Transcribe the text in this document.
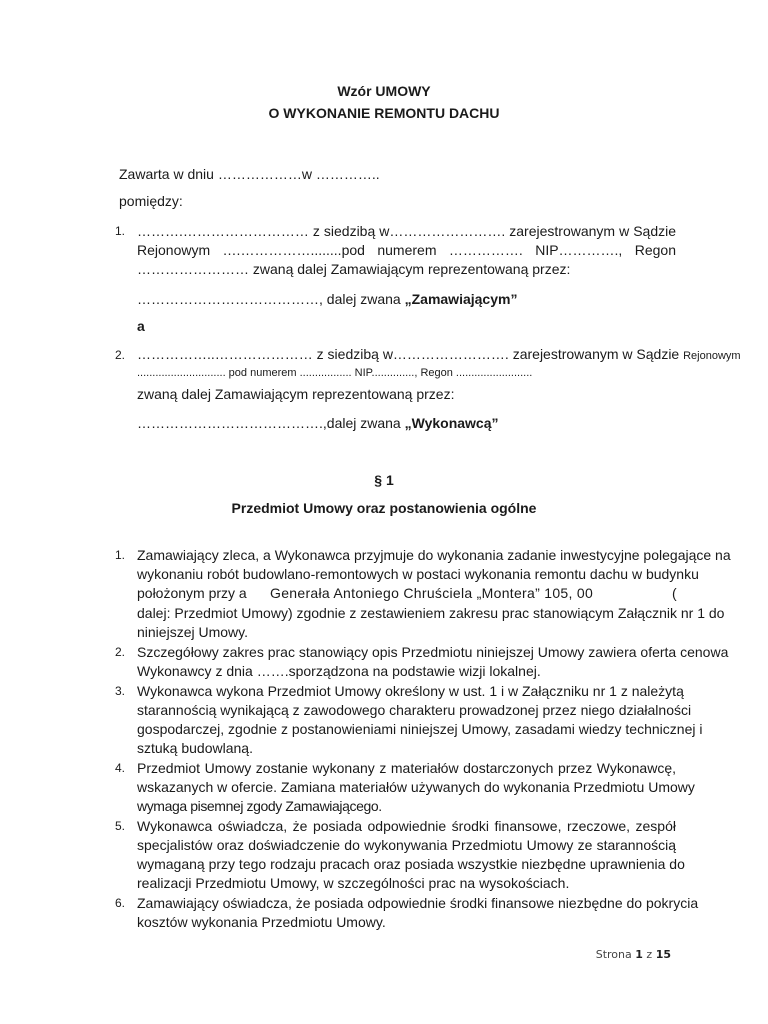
Wzór UMOWY
O WYKONANIE REMONTU DACHU
Zawarta w dniu ………………w …………..
pomiędzy:
1. ……….……………………… z siedzibą w……………………. zarejestrowanym w Sądzie
Rejonowym ….……………........pod numerem ……………. NIP…………., Regon
…………………… zwaną dalej Zamawiającym reprezentowaną przez:
…………………………………, dalej zwana „Zamawiającym”
a
2. ……………..………………… z siedzibą w……………………. zarejestrowanym w Sądzie Rejonowym
............................. pod numerem ................. NIP.............., Regon .........................
zwaną dalej Zamawiającym reprezentowaną przez:
………………………………….,dalej zwana „Wykonawcą”
§ 1
Przedmiot Umowy oraz postanowienia ogólne
1. Zamawiający zleca, a Wykonawca przyjmuje do wykonania zadanie inwestycyjne polegające na
wykonaniu robót budowlano-remontowych w postaci wykonania remontu dachu w budynku
położonym przy a Generała Antoniego Chruściela „Montera” 105, 00	(
dalej: Przedmiot Umowy) zgodnie z zestawieniem zakresu prac stanowiącym Załącznik nr 1 do
niniejszej Umowy.
2. Szczegółowy zakres prac stanowiący opis Przedmiotu niniejszej Umowy zawiera oferta cenowa
Wykonawcy z dnia …….sporządzona na podstawie wizji lokalnej.
3. Wykonawca wykona Przedmiot Umowy określony w ust. 1 i w Załączniku nr 1 z należytą
starannością wynikającą z zawodowego charakteru prowadzonej przez niego działalności
gospodarczej, zgodnie z postanowieniami niniejszej Umowy, zasadami wiedzy technicznej i
sztuką budowlaną.
4. Przedmiot Umowy zostanie wykonany z materiałów dostarczonych przez Wykonawcę,
wskazanych w ofercie. Zamiana materiałów używanych do wykonania Przedmiotu Umowy
wymaga pisemnej zgody Zamawiającego.
5. Wykonawca oświadcza, że posiada odpowiednie środki finansowe, rzeczowe, zespół
specjalistów oraz doświadczenie do wykonywania Przedmiotu Umowy ze starannością
wymaganą przy tego rodzaju pracach oraz posiada wszystkie niezbędne uprawnienia do
realizacji Przedmiotu Umowy, w szczególności prac na wysokościach.
6. Zamawiający oświadcza, że posiada odpowiednie środki finansowe niezbędne do pokrycia
kosztów wykonania Przedmiotu Umowy.
Strona 1 z 15
